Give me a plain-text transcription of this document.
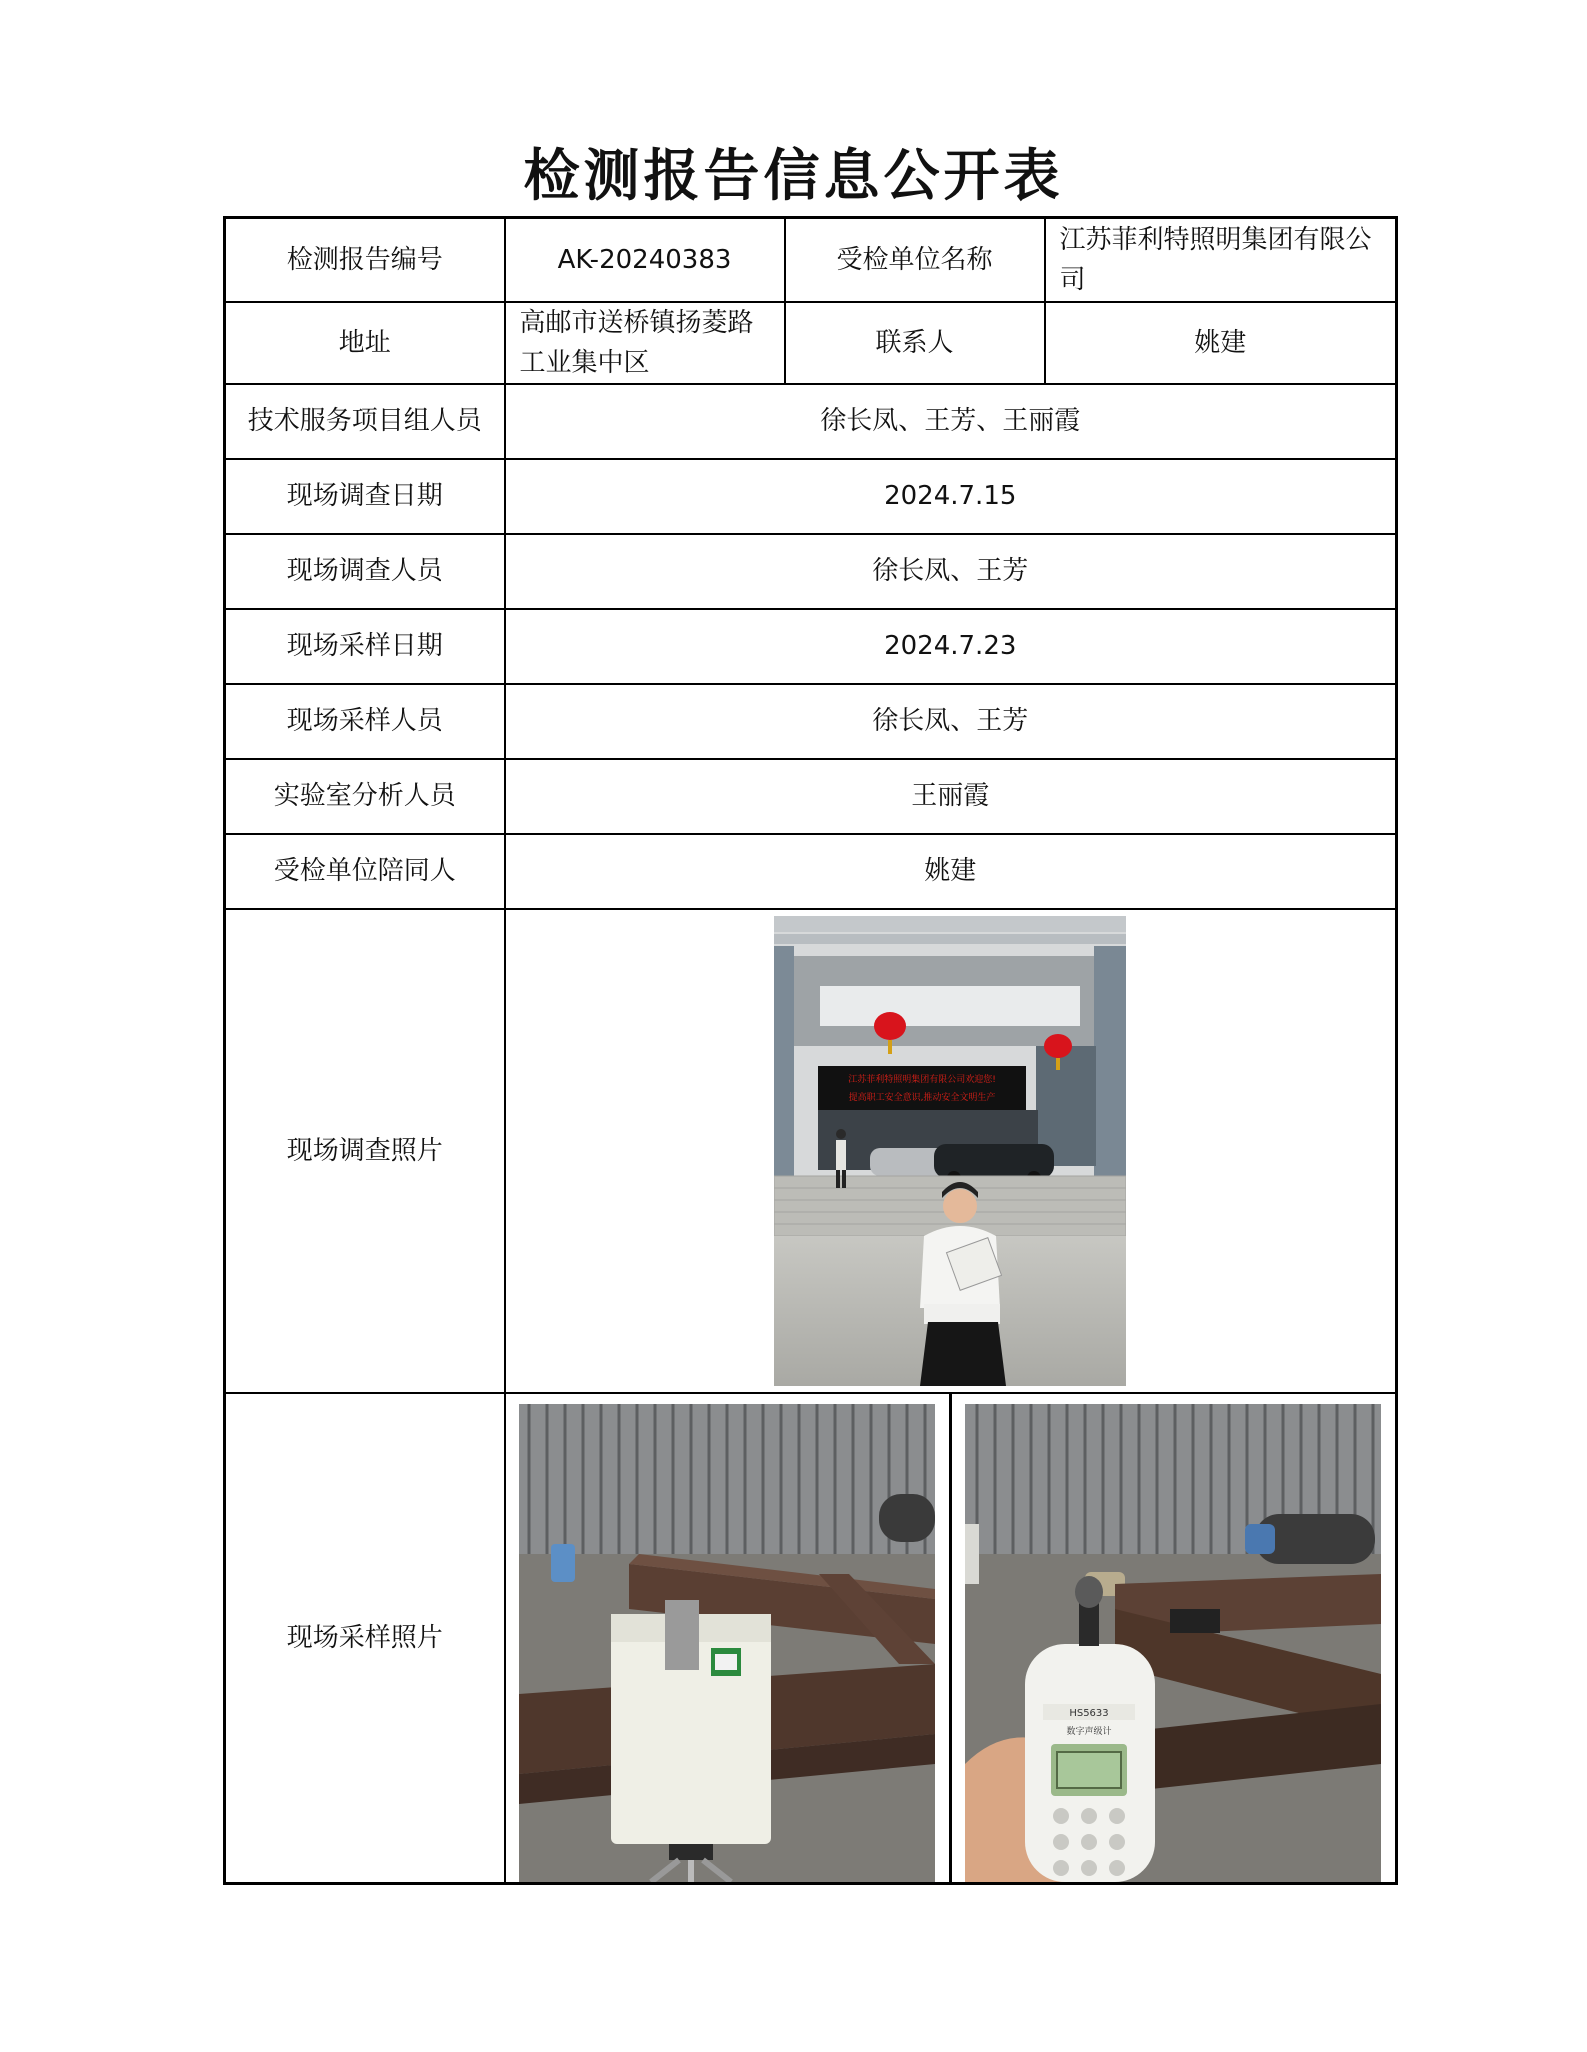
检测报告信息公开表
检测报告编号	AK-20240383	受检单位名称	江苏菲利特照明集团有限公司
地址	高邮市送桥镇扬菱路工业集中区	联系人	姚建
技术服务项目组人员	徐长凤、王芳、王丽霞		
现场调查日期	2024.7.15		
现场调查人员	徐长凤、王芳		
现场采样日期	2024.7.23		
现场采样人员	徐长凤、王芳		
实验室分析人员	王丽霞		
受检单位陪同人	姚建		
现场调查照片	江苏菲利特照明集团有限公司欢迎您!
提高职工安全意识,推动安全文明生产		

现场采样照片	HS5633
数字声级计		
